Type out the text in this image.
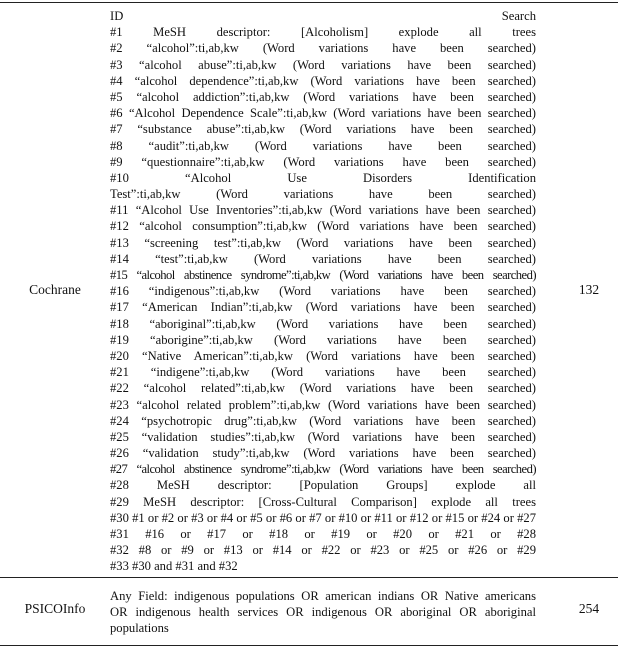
Cochrane
ID Search
#1 MeSH descriptor: [Alcoholism] explode all trees
#2 “alcohol”:ti,ab,kw (Word variations have been searched)
#3 “alcohol abuse”:ti,ab,kw (Word variations have been searched)
#4 “alcohol dependence”:ti,ab,kw (Word variations have been searched)
#5 “alcohol addiction”:ti,ab,kw (Word variations have been searched)
#6 “Alcohol Dependence Scale”:ti,ab,kw (Word variations have been searched)
#7 “substance abuse”:ti,ab,kw (Word variations have been searched)
#8 “audit”:ti,ab,kw (Word variations have been searched)
#9 “questionnaire”:ti,ab,kw (Word variations have been searched)
#10 “Alcohol Use Disorders Identification
Test”:ti,ab,kw (Word variations have been searched)
#11 “Alcohol Use Inventories”:ti,ab,kw (Word variations have been searched)
#12 “alcohol consumption”:ti,ab,kw (Word variations have been searched)
#13 “screening test”:ti,ab,kw (Word variations have been searched)
#14 “test”:ti,ab,kw (Word variations have been searched)
#15 “alcohol abstinence syndrome”:ti,ab,kw (Word variations have been searched)
#16 “indigenous”:ti,ab,kw (Word variations have been searched)
#17 “American Indian”:ti,ab,kw (Word variations have been searched)
#18 “aboriginal”:ti,ab,kw (Word variations have been searched)
#19 “aborigine”:ti,ab,kw (Word variations have been searched)
#20 “Native American”:ti,ab,kw (Word variations have been searched)
#21 “indigene”:ti,ab,kw (Word variations have been searched)
#22 “alcohol related”:ti,ab,kw (Word variations have been searched)
#23 “alcohol related problem”:ti,ab,kw (Word variations have been searched)
#24 “psychotropic drug”:ti,ab,kw (Word variations have been searched)
#25 “validation studies”:ti,ab,kw (Word variations have been searched)
#26 “validation study”:ti,ab,kw (Word variations have been searched)
#27 “alcohol abstinence syndrome”:ti,ab,kw (Word variations have been searched)
#28 MeSH descriptor: [Population Groups] explode all
#29 MeSH descriptor: [Cross-Cultural Comparison] explode all trees
#30 #1 or #2 or #3 or #4 or #5 or #6 or #7 or #10 or #11 or #12 or #15 or #24 or #27
#31 #16 or #17 or #18 or #19 or #20 or #21 or #28
#32 #8 or #9 or #13 or #14 or #22 or #23 or #25 or #26 or #29
#33 #30 and #31 and #32
132
PSICOInfo
Any Field: indigenous populations OR american indians OR Native americans
OR indigenous health services OR indigenous OR aboriginal OR aboriginal
populations
254
